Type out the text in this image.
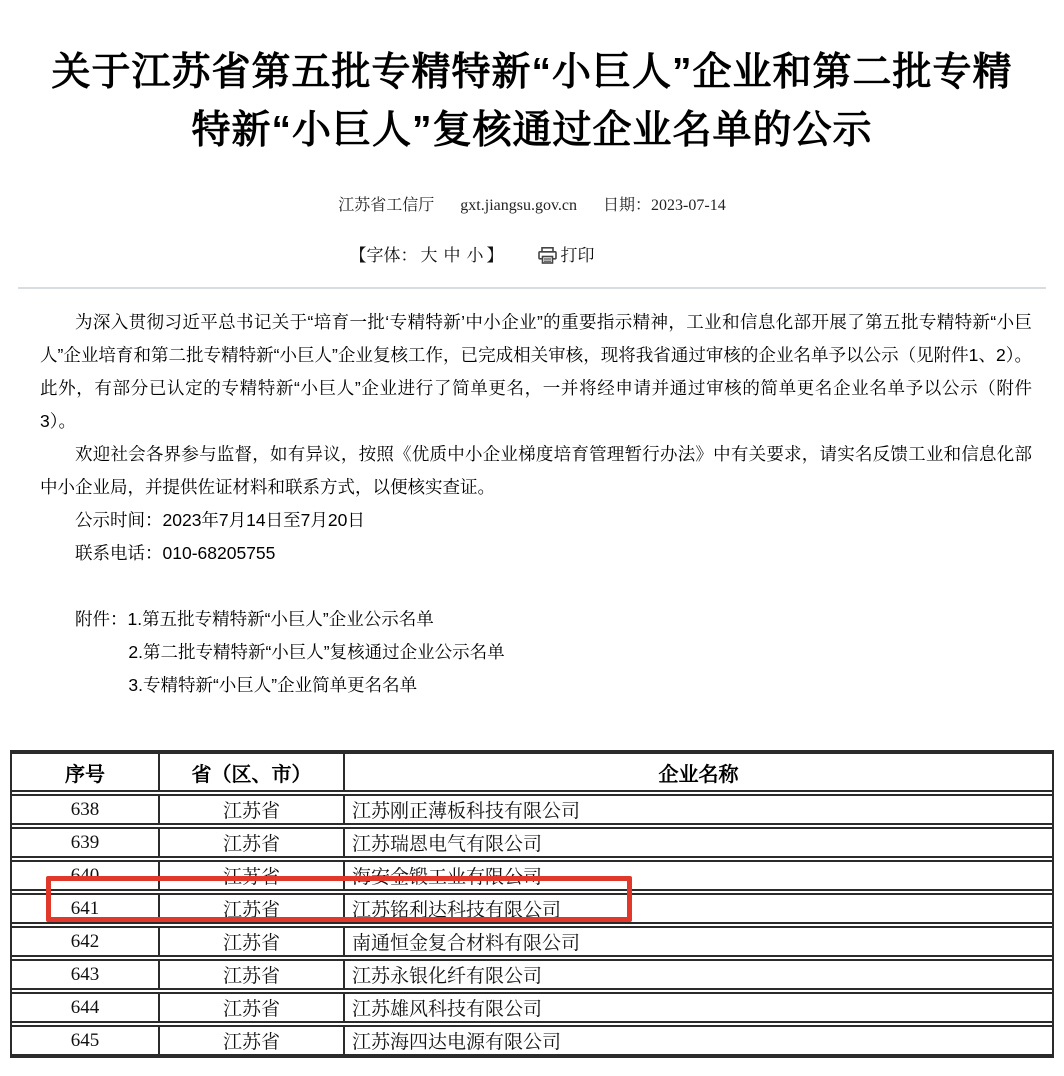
关于江苏省第五批专精特新“小巨人”企业和第二批专精
特新“小巨人”复核通过企业名单的公示
江苏省工信厅 gxt.jiangsu.gov.cn 日期：2023-07-14
【字体： 大 中 小 】	打印

为深入贯彻习近平总书记关于“培育一批‘专精特新’中小企业”的重要指示精神，工业和信息化部开展了第五批专精特新“小巨人”企业培育和第二批专精特新“小巨人”企业复核工作，已完成相关审核，现将我省通过审核的企业名单予以公示（见附件1、2）。此外，有部分已认定的专精特新“小巨人”企业进行了简单更名，一并将经申请并通过审核的简单更名企业名单予以公示（附件3）。

欢迎社会各界参与监督，如有异议，按照《优质中小企业梯度培育管理暂行办法》中有关要求，请实名反馈工业和信息化部中小企业局，并提供佐证材料和联系方式，以便核实查证。

公示时间：2023年7月14日至7月20日

联系电话：010-68205755

附件：1.第五批专精特新“小巨人”企业公示名单

2.第二批专精特新“小巨人”复核通过企业公示名单

3.专精特新“小巨人”企业简单更名名单

序号	省（区、市）	企业名称
638	江苏省	江苏刚正薄板科技有限公司
639	江苏省	江苏瑞恩电气有限公司
640	江苏省	海安金锻工业有限公司
641	江苏省	江苏铭利达科技有限公司
642	江苏省	南通恒金复合材料有限公司
643	江苏省	江苏永银化纤有限公司
644	江苏省	江苏雄风科技有限公司
645	江苏省	江苏海四达电源有限公司
